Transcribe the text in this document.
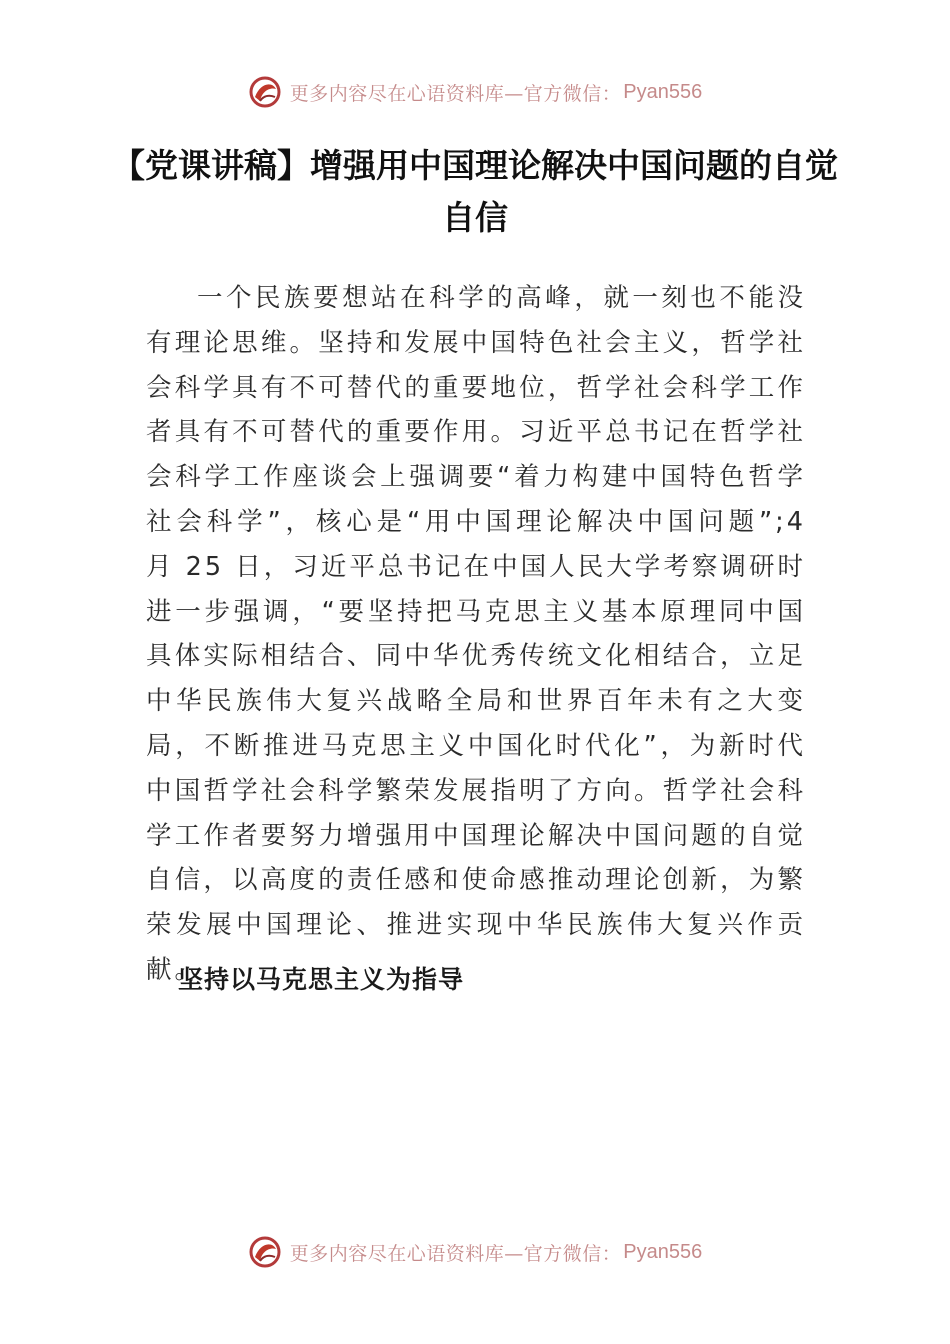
更多内容尽在心语资料库—官方微信： Pyan556
【党课讲稿】增强用中国理论解决中国问题的自觉自信

一个民族要想站在科学的高峰，就一刻也不能没有理论思维。坚持和发展中国特色社会主义，哲学社会科学具有不可替代的重要地位，哲学社会科学工作者具有不可替代的重要作用。习近平总书记在哲学社会科学工作座谈会上强调要“着力构建中国特色哲学社会科学”，核心是“用中国理论解决中国问题”;4 月 25 日，习近平总书记在中国人民大学考察调研时进一步强调，“要坚持把马克思主义基本原理同中国具体实际相结合、同中华优秀传统文化相结合，立足中华民族伟大复兴战略全局和世界百年未有之大变局，不断推进马克思主义中国化时代化”，为新时代中国哲学社会科学繁荣发展指明了方向。哲学社会科学工作者要努力增强用中国理论解决中国问题的自觉自信，以高度的责任感和使命感推动理论创新，为繁荣发展中国理论、推进实现中华民族伟大复兴作贡献。

坚持以马克思主义为指导
更多内容尽在心语资料库—官方微信： Pyan556
